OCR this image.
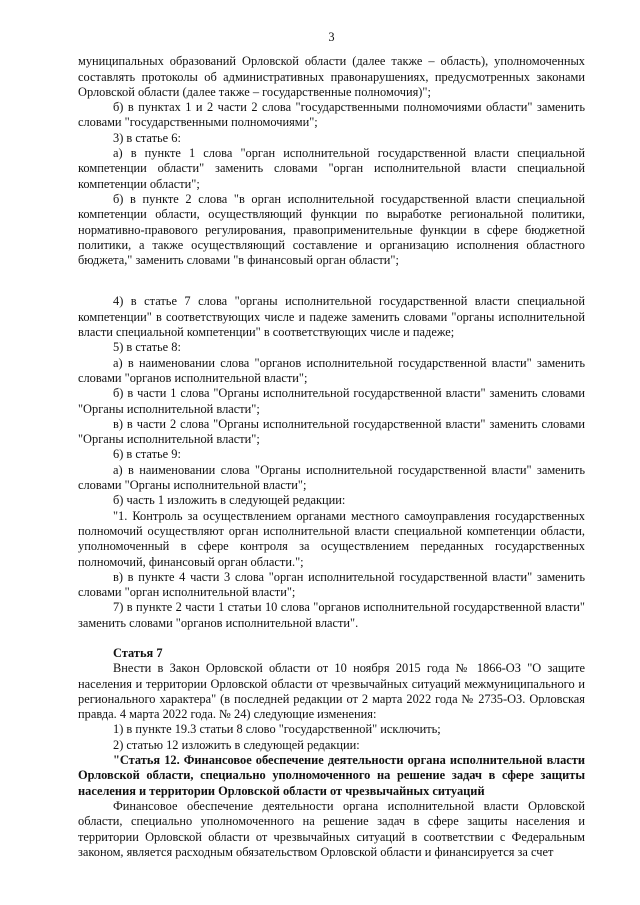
3

муниципальных образований Орловской области (далее также – область), уполномоченных составлять протоколы об административных правонарушениях, предусмотренных законами Орловской области (далее также – государственные полномочия)";

б) в пунктах 1 и 2 части 2 слова "государственными полномочиями области" заменить словами "государственными полномочиями";

3) в статье 6:

а) в пункте 1 слова "орган исполнительной государственной власти специальной компетенции области" заменить словами "орган исполнительной власти специальной компетенции области";

б) в пункте 2 слова "в орган исполнительной государственной власти специальной компетенции области, осуществляющий функции по выработке региональной политики, нормативно-правового регулирования, правоприменительные функции в сфере бюджетной политики, а также осуществляющий составление и организацию исполнения областного бюджета," заменить словами "в финансовый орган области";

4) в статье 7 слова "органы исполнительной государственной власти специальной компетенции" в соответствующих числе и падеже заменить словами "органы исполнительной власти специальной компетенции" в соответствующих числе и падеже;

5) в статье 8:

а) в наименовании слова "органов исполнительной государственной власти" заменить словами "органов исполнительной власти";

б) в части 1 слова "Органы исполнительной государственной власти" заменить словами "Органы исполнительной власти";

в) в части 2 слова "Органы исполнительной государственной власти" заменить словами "Органы исполнительной власти";

6) в статье 9:

а) в наименовании слова "Органы исполнительной государственной власти" заменить словами "Органы исполнительной власти";

б) часть 1 изложить в следующей редакции:

"1. Контроль за осуществлением органами местного самоуправления государственных полномочий осуществляют орган исполнительной власти специальной компетенции области, уполномоченный в сфере контроля за осуществлением переданных государственных полномочий, финансовый орган области.";

в) в пункте 4 части 3 слова "орган исполнительной государственной власти" заменить словами "орган исполнительной власти";

7) в пункте 2 части 1 статьи 10 слова "органов исполнительной государственной власти" заменить словами "органов исполнительной власти".

Статья 7

Внести в Закон Орловской области от 10 ноября 2015 года № 1866-ОЗ "О защите населения и территории Орловской области от чрезвычайных ситуаций межмуниципального и регионального характера" (в последней редакции от 2 марта 2022 года № 2735-ОЗ. Орловская правда. 4 марта 2022 года. № 24) следующие изменения:

1) в пункте 19.3 статьи 8 слово "государственной" исключить;

2) статью 12 изложить в следующей редакции:

"Статья 12. Финансовое обеспечение деятельности органа исполнительной власти Орловской области, специально уполномоченного на решение задач в сфере защиты населения и территории Орловской области от чрезвычайных ситуаций

Финансовое обеспечение деятельности органа исполнительной власти Орловской области, специально уполномоченного на решение задач в сфере защиты населения и территории Орловской области от чрезвычайных ситуаций в соответствии с Федеральным законом, является расходным обязательством Орловской области и финансируется за счет
